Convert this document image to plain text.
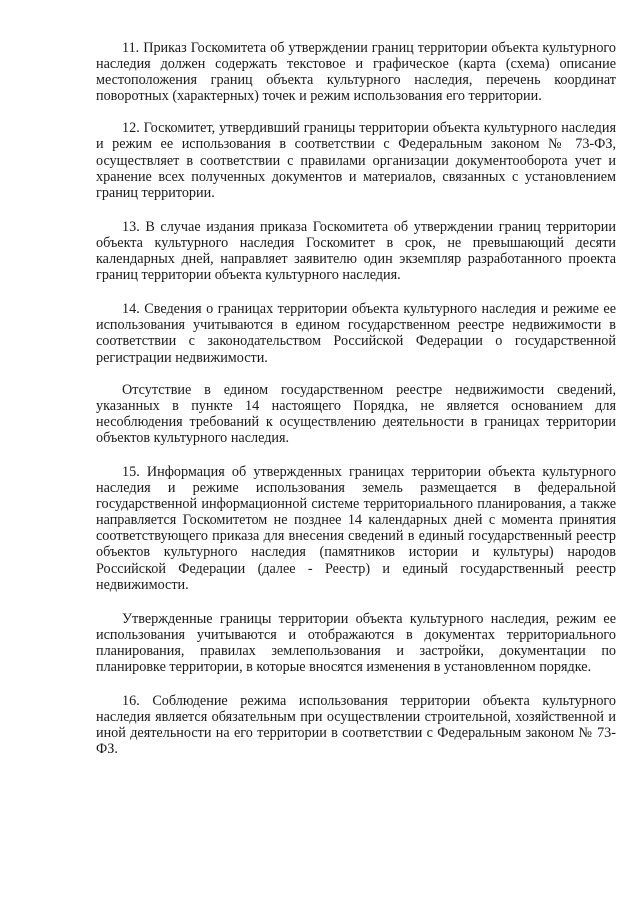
11. Приказ Госкомитета об утверждении границ территории объекта культурного наследия должен содержать текстовое и графическое (карта (схема) описание местоположения границ объекта культурного наследия, перечень координат поворотных (характерных) точек и режим использования его территории.

12. Госкомитет, утвердивший границы территории объекта культурного наследия и режим ее использования в соответствии с Федеральным законом № 73-ФЗ, осуществляет в соответствии с правилами организации документооборота учет и хранение всех полученных документов и материалов, связанных с установлением границ территории.

13. В случае издания приказа Госкомитета об утверждении границ территории объекта культурного наследия Госкомитет в срок, не превышающий десяти календарных дней, направляет заявителю один экземпляр разработанного проекта границ территории объекта культурного наследия.

14. Сведения о границах территории объекта культурного наследия и режиме ее использования учитываются в едином государственном реестре недвижимости в соответствии с законодательством Российской Федерации о государственной регистрации недвижимости.

Отсутствие в едином государственном реестре недвижимости сведений, указанных в пункте 14 настоящего Порядка, не является основанием для несоблюдения требований к осуществлению деятельности в границах территории объектов культурного наследия.

15. Информация об утвержденных границах территории объекта культурного наследия и режиме использования земель размещается в федеральной государственной информационной системе территориального планирования, а также направляется Госкомитетом не позднее 14 календарных дней с момента принятия соответствующего приказа для внесения сведений в единый государственный реестр объектов культурного наследия (памятников истории и культуры) народов Российской Федерации (далее - Реестр) и единый государственный реестр недвижимости.

Утвержденные границы территории объекта культурного наследия, режим ее использования учитываются и отображаются в документах территориального планирования, правилах землепользования и застройки, документации по планировке территории, в которые вносятся изменения в установленном порядке.

16. Соблюдение режима использования территории объекта культурного наследия является обязательным при осуществлении строительной, хозяйственной и иной деятельности на его территории в соответствии с Федеральным законом № 73-ФЗ.
